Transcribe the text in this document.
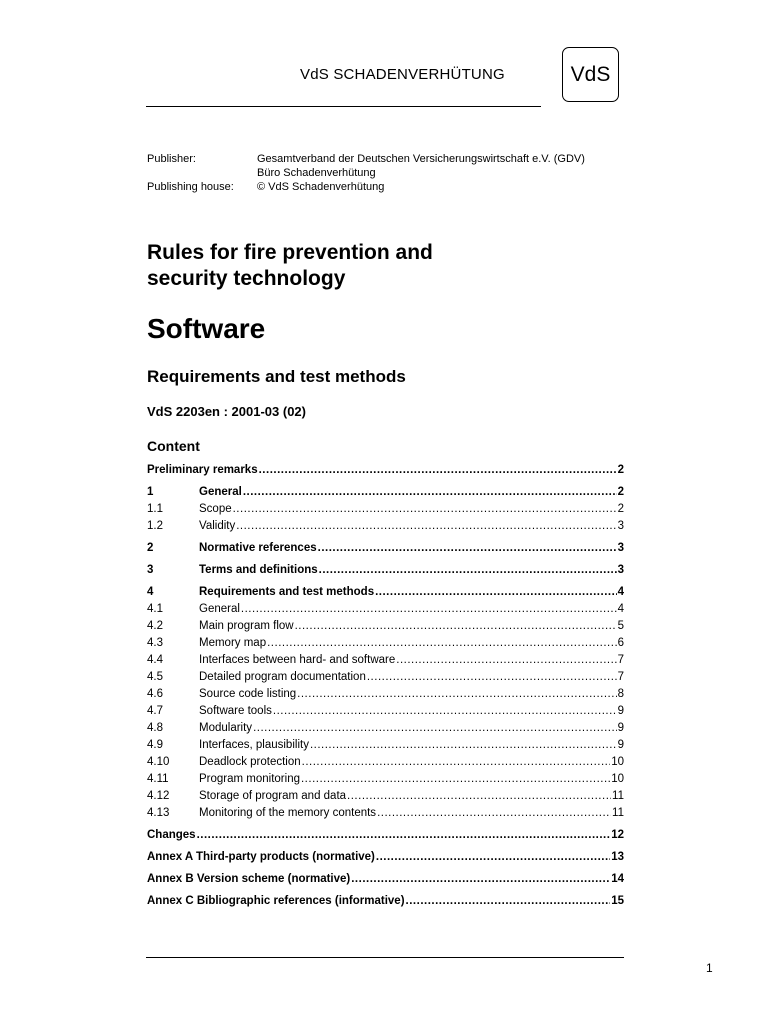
VdS SCHADENVERHÜTUNG	VdS
Publisher:	Gesamtverband der Deutschen Versicherungswirtschaft e.V. (GDV)
Büro Schadenverhütung
Publishing house:	© VdS Schadenverhütung
Rules for fire prevention and
security technology
Software
Requirements and test methods
VdS 2203en : 2001-03 (02)
Content
Preliminary remarks .....	2
1	General .....	2
1.1	Scope .....	2
1.2	Validity .....	3
2	Normative references .....	3
3	Terms and definitions .....	3
4	Requirements and test methods .....	4
4.1	General .....	4
4.2	Main program flow .....	5
4.3	Memory map .....	6
4.4	Interfaces between hard- and software .....	7
4.5	Detailed program documentation .....	7
4.6	Source code listing .....	8
4.7	Software tools .....	9
4.8	Modularity .....	9
4.9	Interfaces, plausibility .....	9
4.10	Deadlock protection .....	10
4.11	Program monitoring .....	10
4.12	Storage of program and data .....	11
4.13	Monitoring of the memory contents .....	11
Changes .....	12
Annex A Third-party products (normative) .....	13
Annex B Version scheme (normative) .....	14
Annex C Bibliographic references (informative) .....	15
1
